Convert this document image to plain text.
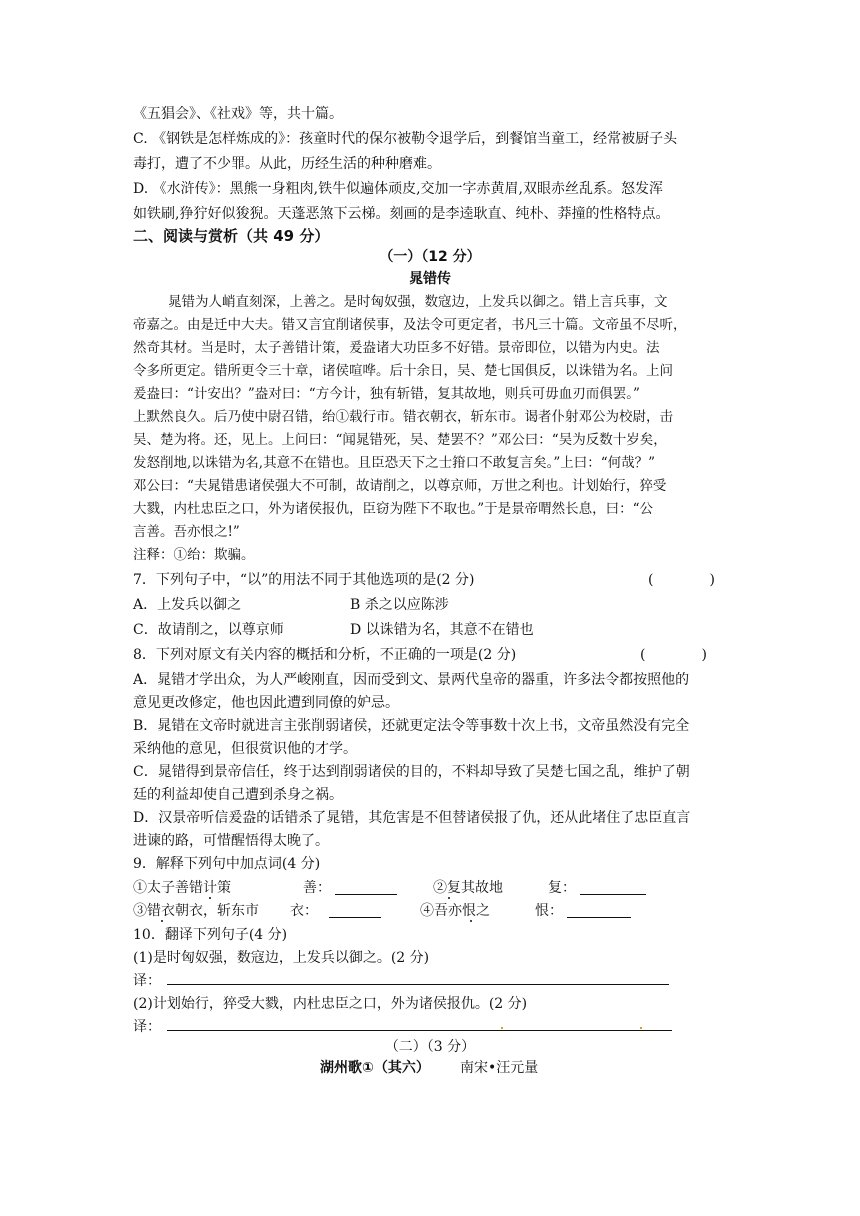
《五猖会》、《社戏》等，共十篇。
C. 《钢铁是怎样炼成的》：孩童时代的保尔被勒令退学后，到餐馆当童工，经常被厨子头
毒打，遭了不少罪。从此，历经生活的种种磨难。
D. 《水浒传》：黑熊一身粗肉,铁牛似遍体顽皮,交加一字赤黄眉,双眼赤丝乱系。怒发浑
如铁刷,狰狞好似狻猊。天蓬恶煞下云梯。刻画的是李逵耿直、纯朴、莽撞的性格特点。
二、阅读与赏析（共 49 分）
（一）（12 分）
晁错传
晁错为人峭直刻深，上善之。是时匈奴强，数寇边，上发兵以御之。错上言兵事，文
帝嘉之。由是迁中大夫。错又言宜削诸侯事，及法令可更定者，书凡三十篇。文帝虽不尽听，
然奇其材。当是时，太子善错计策，爰盎诸大功臣多不好错。景帝即位，以错为内史。法
令多所更定。错所更令三十章，诸侯喧哗。后十余日，吴、楚七国俱反，以诛错为名。上问
爰盎曰：“计安出？”盎对曰：“方今计，独有斩错，复其故地，则兵可毋血刃而俱罢。”
上默然良久。后乃使中尉召错，绐①载行市。错衣朝衣，斩东市。谒者仆射邓公为校尉，击
吴、楚为将。还，见上。上问曰：“闻晁错死，吴、楚罢不？”邓公曰：“吴为反数十岁矣，
发怒削地,以诛错为名,其意不在错也。且臣恐天下之士箝口不敢复言矣。”上曰：“何哉？”
邓公曰：“夫晁错患诸侯强大不可制，故请削之，以尊京师，万世之利也。计划始行，猝受
大戮，内杜忠臣之口，外为诸侯报仇，臣窃为陛下不取也。”于是景帝喟然长息，曰：“公
言善。吾亦恨之!”
注释：①绐：欺骗。
7．下列句子中，“以”的用法不同于其他选项的是(2 分)	(　　　　)
A．上发兵以御之	B 杀之以应陈涉
C．故请削之，以尊京师	D 以诛错为名，其意不在错也
8．下列对原文有关内容的概括和分析，不正确的一项是(2 分)	(　　　　)
A．晁错才学出众，为人严峻刚直，因而受到文、景两代皇帝的器重，许多法令都按照他的
意见更改修定，他也因此遭到同僚的妒忌。
B．晁错在文帝时就进言主张削弱诸侯，还就更定法令等事数十次上书，文帝虽然没有完全
采纳他的意见，但很赏识他的才学。
C．晁错得到景帝信任，终于达到削弱诸侯的目的，不料却导致了吴楚七国之乱，维护了朝
廷的利益却使自己遭到杀身之祸。
D．汉景帝听信爰盎的话错杀了晁错，其危害是不但替诸侯报了仇，还从此堵住了忠臣直言
进谏的路，可惜醒悟得太晚了。
9．解释下列句中加点词(4 分)
①太子善错计策	善：	②复其故地	复：
③错衣朝衣，斩东市 衣：	④吾亦恨之	恨：
10．翻译下列句子(4 分)
(1)是时匈奴强，数寇边，上发兵以御之。(2 分)
译：
(2)计划始行，猝受大戮，内杜忠臣之口，外为诸侯报仇。(2 分)
译：
（二）（3 分）
湖州歌①（其六） 南宋•汪元量
